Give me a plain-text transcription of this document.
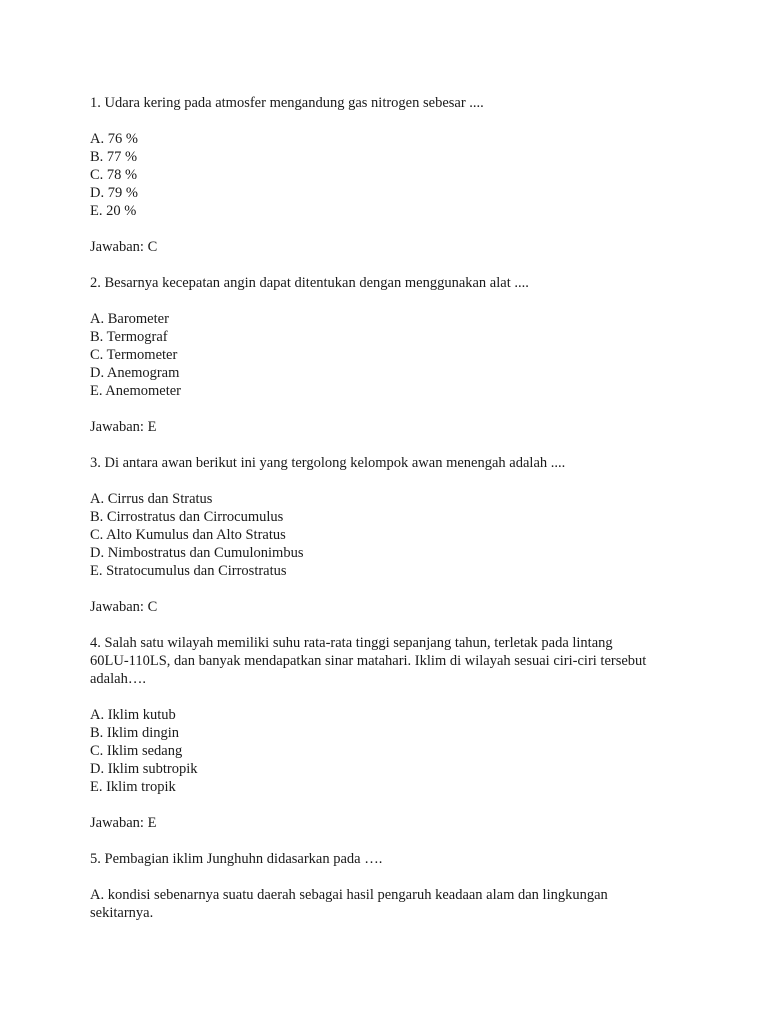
1. Udara kering pada atmosfer mengandung gas nitrogen sebesar ....

A. 76 %
B. 77 %
C. 78 %
D. 79 %
E. 20 %

Jawaban: C

2. Besarnya kecepatan angin dapat ditentukan dengan menggunakan alat ....

A. Barometer
B. Termograf
C. Termometer
D. Anemogram
E. Anemometer

Jawaban: E

3. Di antara awan berikut ini yang tergolong kelompok awan menengah adalah ....

A. Cirrus dan Stratus
B. Cirrostratus dan Cirrocumulus
C. Alto Kumulus dan Alto Stratus
D. Nimbostratus dan Cumulonimbus
E. Stratocumulus dan Cirrostratus

Jawaban: C

4. Salah satu wilayah memiliki suhu rata-rata tinggi sepanjang tahun, terletak pada lintang 60LU-110LS, dan banyak mendapatkan sinar matahari. Iklim di wilayah sesuai ciri-ciri tersebut adalah….

A. Iklim kutub
B. Iklim dingin
C. Iklim sedang
D. Iklim subtropik
E. Iklim tropik

Jawaban: E

5. Pembagian iklim Junghuhn didasarkan pada ….

A. kondisi sebenarnya suatu daerah sebagai hasil pengaruh keadaan alam dan lingkungan sekitarnya.
